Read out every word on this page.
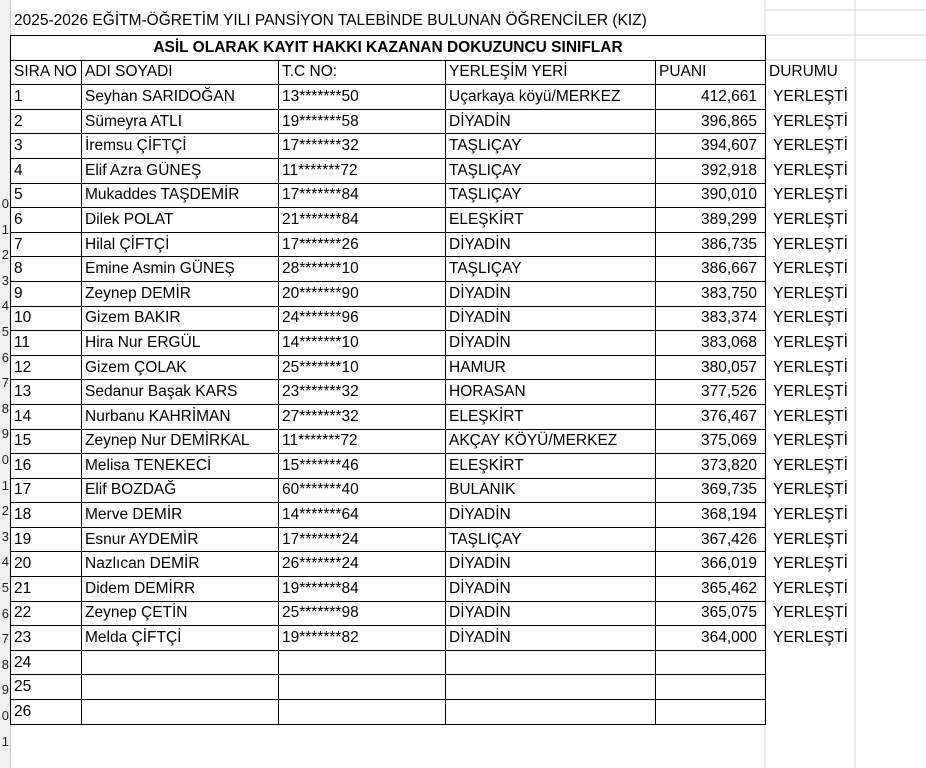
0
1
2
3
4
5
6
7
8
9
0
1
2
3
4
5
6
7
8
9
0
1
2025-2026 EĞİTM-ÖĞRETİM YILI PANSİYON TALEBİNDE BULUNAN ÖĞRENCİLER (KIZ)
ASİL OLARAK KAYIT HAKKI KAZANAN DOKUZUNCU SINIFLAR					
SIRA NO	ADI SOYADI	T.C NO:	YERLEŞİM YERİ	PUANI	DURUMU
1	Seyhan SARIDOĞAN	13*******50	Uçarkaya köyü/MERKEZ	412,661	YERLEŞTİ
2	Sümeyra ATLI	19*******58	DİYADİN	396,865	YERLEŞTİ
3	İremsu ÇİFTÇİ	17*******32	TAŞLIÇAY	394,607	YERLEŞTİ
4	Elif Azra GÜNEŞ	11*******72	TAŞLIÇAY	392,918	YERLEŞTİ
5	Mukaddes TAŞDEMİR	17*******84	TAŞLIÇAY	390,010	YERLEŞTİ
6	Dilek POLAT	21*******84	ELEŞKİRT	389,299	YERLEŞTİ
7	Hilal ÇİFTÇİ	17*******26	DİYADİN	386,735	YERLEŞTİ
8	Emine Asmin GÜNEŞ	28*******10	TAŞLIÇAY	386,667	YERLEŞTİ
9	Zeynep DEMİR	20*******90	DİYADİN	383,750	YERLEŞTİ
10	Gizem BAKIR	24*******96	DİYADİN	383,374	YERLEŞTİ
11	Hira Nur ERGÜL	14*******10	DİYADİN	383,068	YERLEŞTİ
12	Gizem ÇOLAK	25*******10	HAMUR	380,057	YERLEŞTİ
13	Sedanur Başak KARS	23*******32	HORASAN	377,526	YERLEŞTİ
14	Nurbanu KAHRİMAN	27*******32	ELEŞKİRT	376,467	YERLEŞTİ
15	Zeynep Nur DEMİRKAL	11*******72	AKÇAY KÖYÜ/MERKEZ	375,069	YERLEŞTİ
16	Melisa TENEKECİ	15*******46	ELEŞKİRT	373,820	YERLEŞTİ
17	Elif BOZDAĞ	60*******40	BULANIK	369,735	YERLEŞTİ
18	Merve DEMİR	14*******64	DİYADİN	368,194	YERLEŞTİ
19	Esnur AYDEMİR	17*******24	TAŞLIÇAY	367,426	YERLEŞTİ
20	Nazlıcan DEMİR	26*******24	DİYADİN	366,019	YERLEŞTİ
21	Didem DEMİRR	19*******84	DİYADİN	365,462	YERLEŞTİ
22	Zeynep ÇETİN	25*******98	DİYADİN	365,075	YERLEŞTİ
23	Melda ÇİFTÇİ	19*******82	DİYADİN	364,000	YERLEŞTİ
24					
25					
26					
